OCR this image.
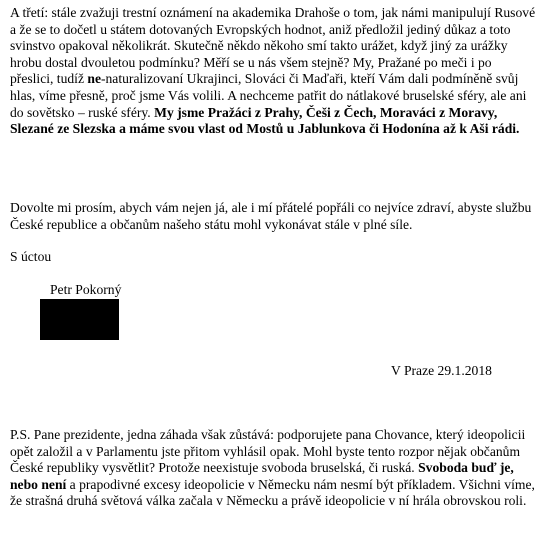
A třetí: stále zvažuji trestní oznámení na akademika Drahoše o tom, jak námi manipulují Rusové a že se to dočetl u státem dotovaných Evropských hodnot, aniž předložil jediný důkaz a toto svinstvo opakoval několikrát. Skutečně někdo někoho smí takto urážet, když jiný za urážky hrobu dostal dvouletou podmínku? Měří se u nás všem stejně? My, Pražané po meči i po přeslici, tudíž ne-naturalizovaní Ukrajinci, Slováci či Maďaři, kteří Vám dali podmíněně svůj hlas, víme přesně, proč jsme Vás volili. A nechceme patřit do nátlakové bruselské sféry, ale ani do sovětsko – ruské sféry. My jsme Pražáci z Prahy, Češi z Čech, Moraváci z Moravy, Slezané ze Slezska a máme svou vlast od Mostů u Jablunkova či Hodonína až k Aši rádi.

Dovolte mi prosím, abych vám nejen já, ale i mí přátelé popřáli co nejvíce zdraví, abyste službu České republice a občanům našeho státu mohl vykonávat stále v plné síle.

S úctou

Petr Pokorný

V Praze 29.1.2018

P.S. Pane prezidente, jedna záhada však zůstává: podporujete pana Chovance, který ideopolicii opět založil a v Parlamentu jste přitom vyhlásil opak. Mohl byste tento rozpor nějak občanům České republiky vysvětlit? Protože neexistuje svoboda bruselská, či ruská. Svoboda buď je, nebo není a prapodivné excesy ideopolicie v Německu nám nesmí být příkladem. Všichni víme, že strašná druhá světová válka začala v Německu a právě ideopolicie v ní hrála obrovskou roli.
